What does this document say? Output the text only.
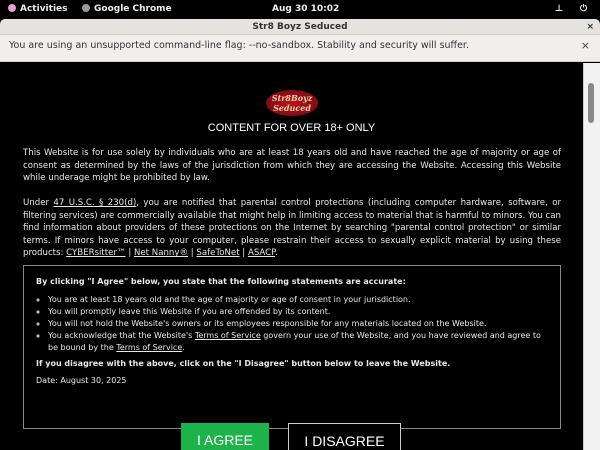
Activities	Google Chrome	Aug 30 10:02	⊥ ⏻
Str8 Boyz Seduced	×
You are using an unsupported command-line flag: --no-sandbox. Stability and security will suffer.	×
Str8Boyz
Seduced
CONTENT FOR OVER 18+ ONLY

This Website is for use solely by individuals who are at least 18 years old and have reached the age of majority or age of consent as determined by the laws of the jurisdiction from which they are accessing the Website. Accessing this Website while underage might be prohibited by law.

Under 47 U.S.C. § 230(d), you are notified that parental control protections (including computer hardware, software, or filtering services) are commercially available that might help in limiting access to material that is harmful to minors. You can find information about providers of these protections on the Internet by searching "parental control protection" or similar terms. If minors have access to your computer, please restrain their access to sexually explicit material by using these products: CYBERsitter™ | Net Nanny® | SafeToNet | ASACP.

By clicking "I Agree" below, you state that the following statements are accurate:
◦ You are at least 18 years old and the age of majority or age of consent in your jurisdiction.
◦ You will promptly leave this Website if you are offended by its content.
◦ You will not hold the Website's owners or its employees responsible for any materials located on the Website.
◦ You acknowledge that the Website's Terms of Service govern your use of the Website, and you have reviewed and agree to be bound by the Terms of Service.
If you disagree with the above, click on the "I Disagree" button below to leave the Website.
Date: August 30, 2025
I AGREE	I DISAGREE
